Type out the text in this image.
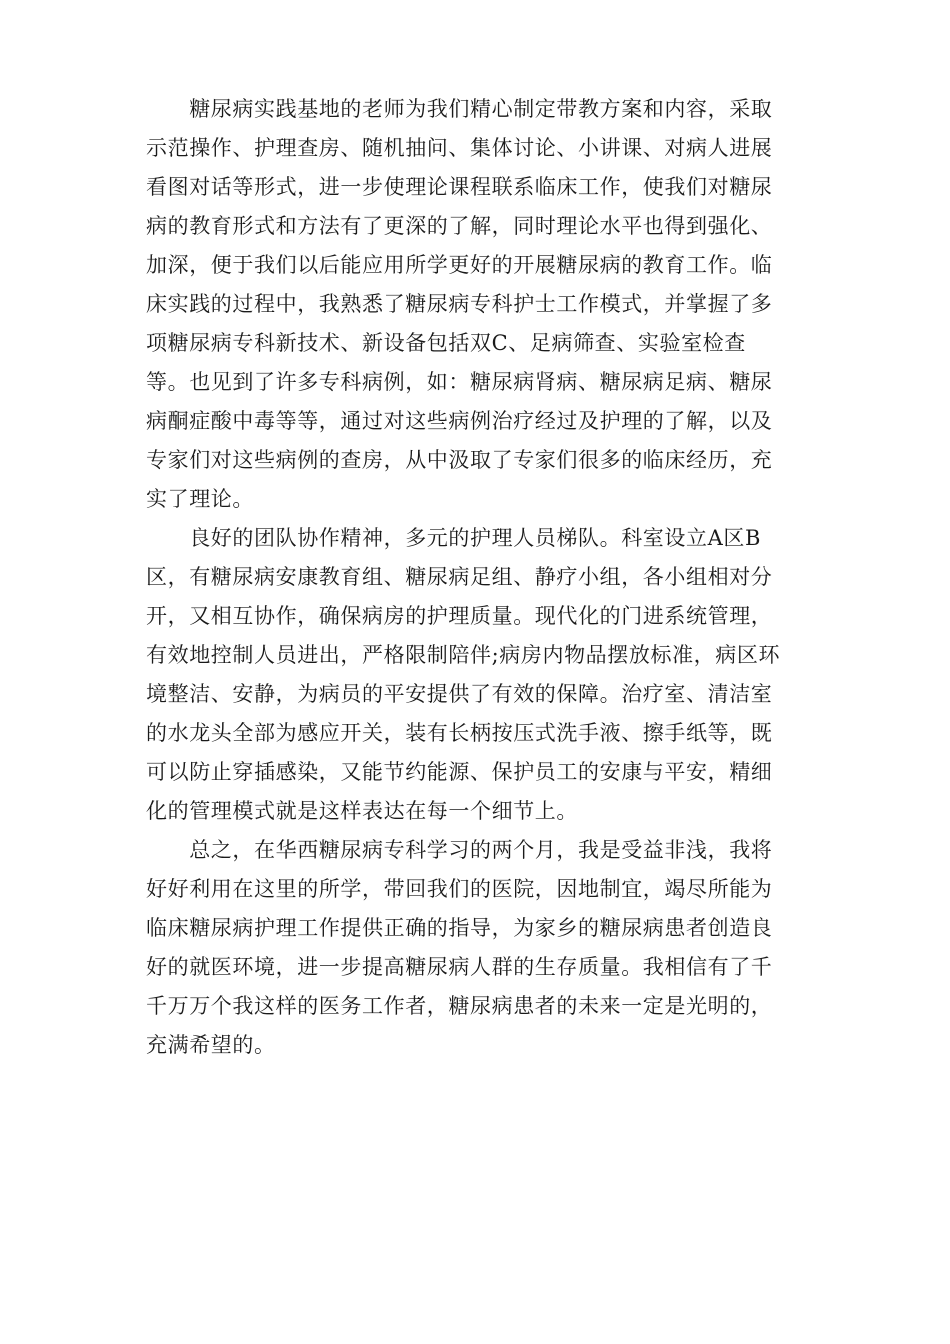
　　糖尿病实践基地的老师为我们精心制定带教方案和内容，采取
示范操作、护理查房、随机抽问、集体讨论、小讲课、对病人进展
看图对话等形式，进一步使理论课程联系临床工作，使我们对糖尿
病的教育形式和方法有了更深的了解，同时理论水平也得到强化、
加深，便于我们以后能应用所学更好的开展糖尿病的教育工作。临
床实践的过程中，我熟悉了糖尿病专科护士工作模式，并掌握了多
项糖尿病专科新技术、新设备包括双C、足病筛查、实验室检查
等。也见到了许多专科病例，如：糖尿病肾病、糖尿病足病、糖尿
病酮症酸中毒等等，通过对这些病例治疗经过及护理的了解，以及
专家们对这些病例的查房，从中汲取了专家们很多的临床经历，充
实了理论。
　　良好的团队协作精神，多元的护理人员梯队。科室设立A区B
区，有糖尿病安康教育组、糖尿病足组、静疗小组，各小组相对分
开，又相互协作，确保病房的护理质量。现代化的门进系统管理，
有效地控制人员进出，严格限制陪伴;病房内物品摆放标准，病区环
境整洁、安静，为病员的平安提供了有效的保障。治疗室、清洁室
的水龙头全部为感应开关，装有长柄按压式洗手液、擦手纸等，既
可以防止穿插感染，又能节约能源、保护员工的安康与平安，精细
化的管理模式就是这样表达在每一个细节上。
　　总之，在华西糖尿病专科学习的两个月，我是受益非浅，我将
好好利用在这里的所学，带回我们的医院，因地制宜，竭尽所能为
临床糖尿病护理工作提供正确的指导，为家乡的糖尿病患者创造良
好的就医环境，进一步提高糖尿病人群的生存质量。我相信有了千
千万万个我这样的医务工作者，糖尿病患者的未来一定是光明的，
充满希望的。
